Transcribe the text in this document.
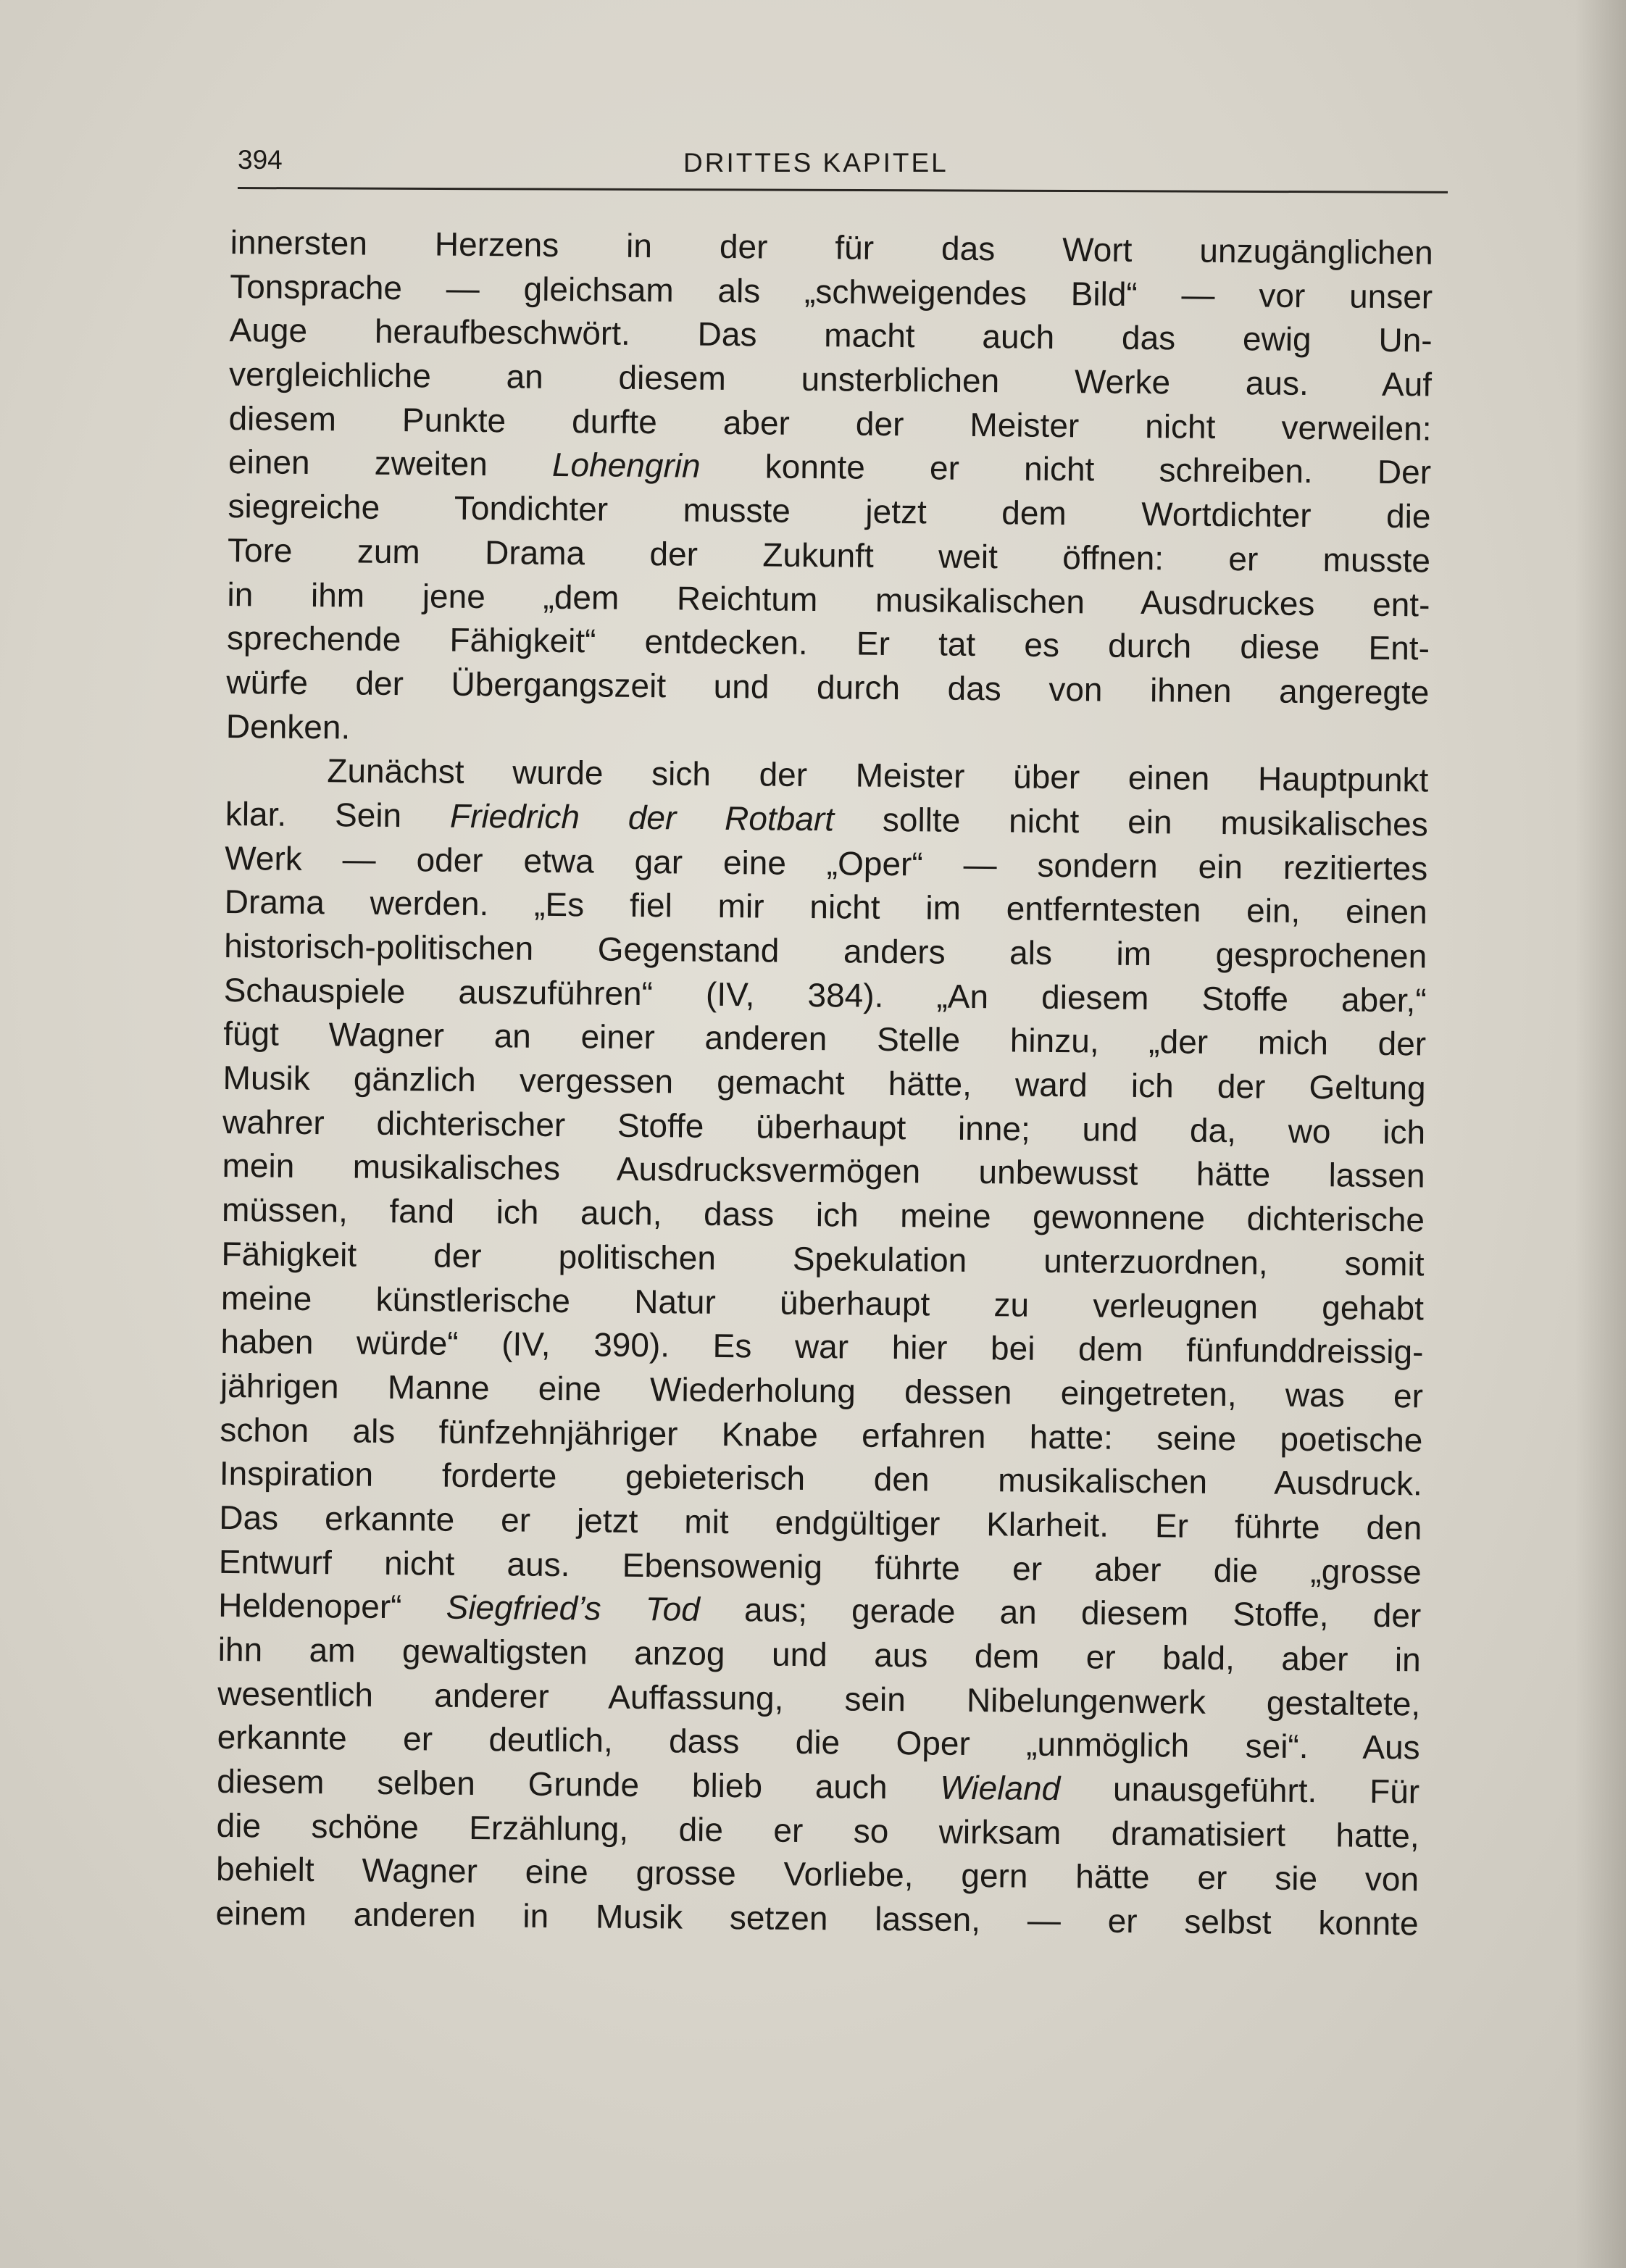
394	DRITTES KAPITEL
innersten Herzens in der für das Wort unzugänglichen
Tonsprache — gleichsam als „schweigendes Bild“ — vor unser
Auge heraufbeschwört. Das macht auch das ewig Un-
vergleichliche an diesem unsterblichen Werke aus. Auf
diesem Punkte durfte aber der Meister nicht verweilen:
einen zweiten Lohengrin konnte er nicht schreiben. Der
siegreiche Tondichter musste jetzt dem Wortdichter die
Tore zum Drama der Zukunft weit öffnen: er musste
in ihm jene „dem Reichtum musikalischen Ausdruckes ent-
sprechende Fähigkeit“ entdecken. Er tat es durch diese Ent-
würfe der Übergangszeit und durch das von ihnen angeregte
Denken.
Zunächst wurde sich der Meister über einen Hauptpunkt
klar. Sein Friedrich der Rotbart sollte nicht ein musikalisches
Werk — oder etwa gar eine „Oper“ — sondern ein rezitiertes
Drama werden. „Es fiel mir nicht im entferntesten ein, einen
historisch-politischen Gegenstand anders als im gesprochenen
Schauspiele auszuführen“ (IV, 384). „An diesem Stoffe aber,“
fügt Wagner an einer anderen Stelle hinzu, „der mich der
Musik gänzlich vergessen gemacht hätte, ward ich der Geltung
wahrer dichterischer Stoffe überhaupt inne; und da, wo ich
mein musikalisches Ausdrucksvermögen unbewusst hätte lassen
müssen, fand ich auch, dass ich meine gewonnene dichterische
Fähigkeit der politischen Spekulation unterzuordnen, somit
meine künstlerische Natur überhaupt zu verleugnen gehabt
haben würde“ (IV, 390). Es war hier bei dem fünfunddreissig-
jährigen Manne eine Wiederholung dessen eingetreten, was er
schon als fünfzehnjähriger Knabe erfahren hatte: seine poetische
Inspiration forderte gebieterisch den musikalischen Ausdruck.
Das erkannte er jetzt mit endgültiger Klarheit. Er führte den
Entwurf nicht aus. Ebensowenig führte er aber die „grosse
Heldenoper“ Siegfried’s Tod aus; gerade an diesem Stoffe, der
ihn am gewaltigsten anzog und aus dem er bald, aber in
wesentlich anderer Auffassung, sein Nibelungenwerk gestaltete,
erkannte er deutlich, dass die Oper „unmöglich sei“. Aus
diesem selben Grunde blieb auch Wieland unausgeführt. Für
die schöne Erzählung, die er so wirksam dramatisiert hatte,
behielt Wagner eine grosse Vorliebe, gern hätte er sie von
einem anderen in Musik setzen lassen, — er selbst konnte
